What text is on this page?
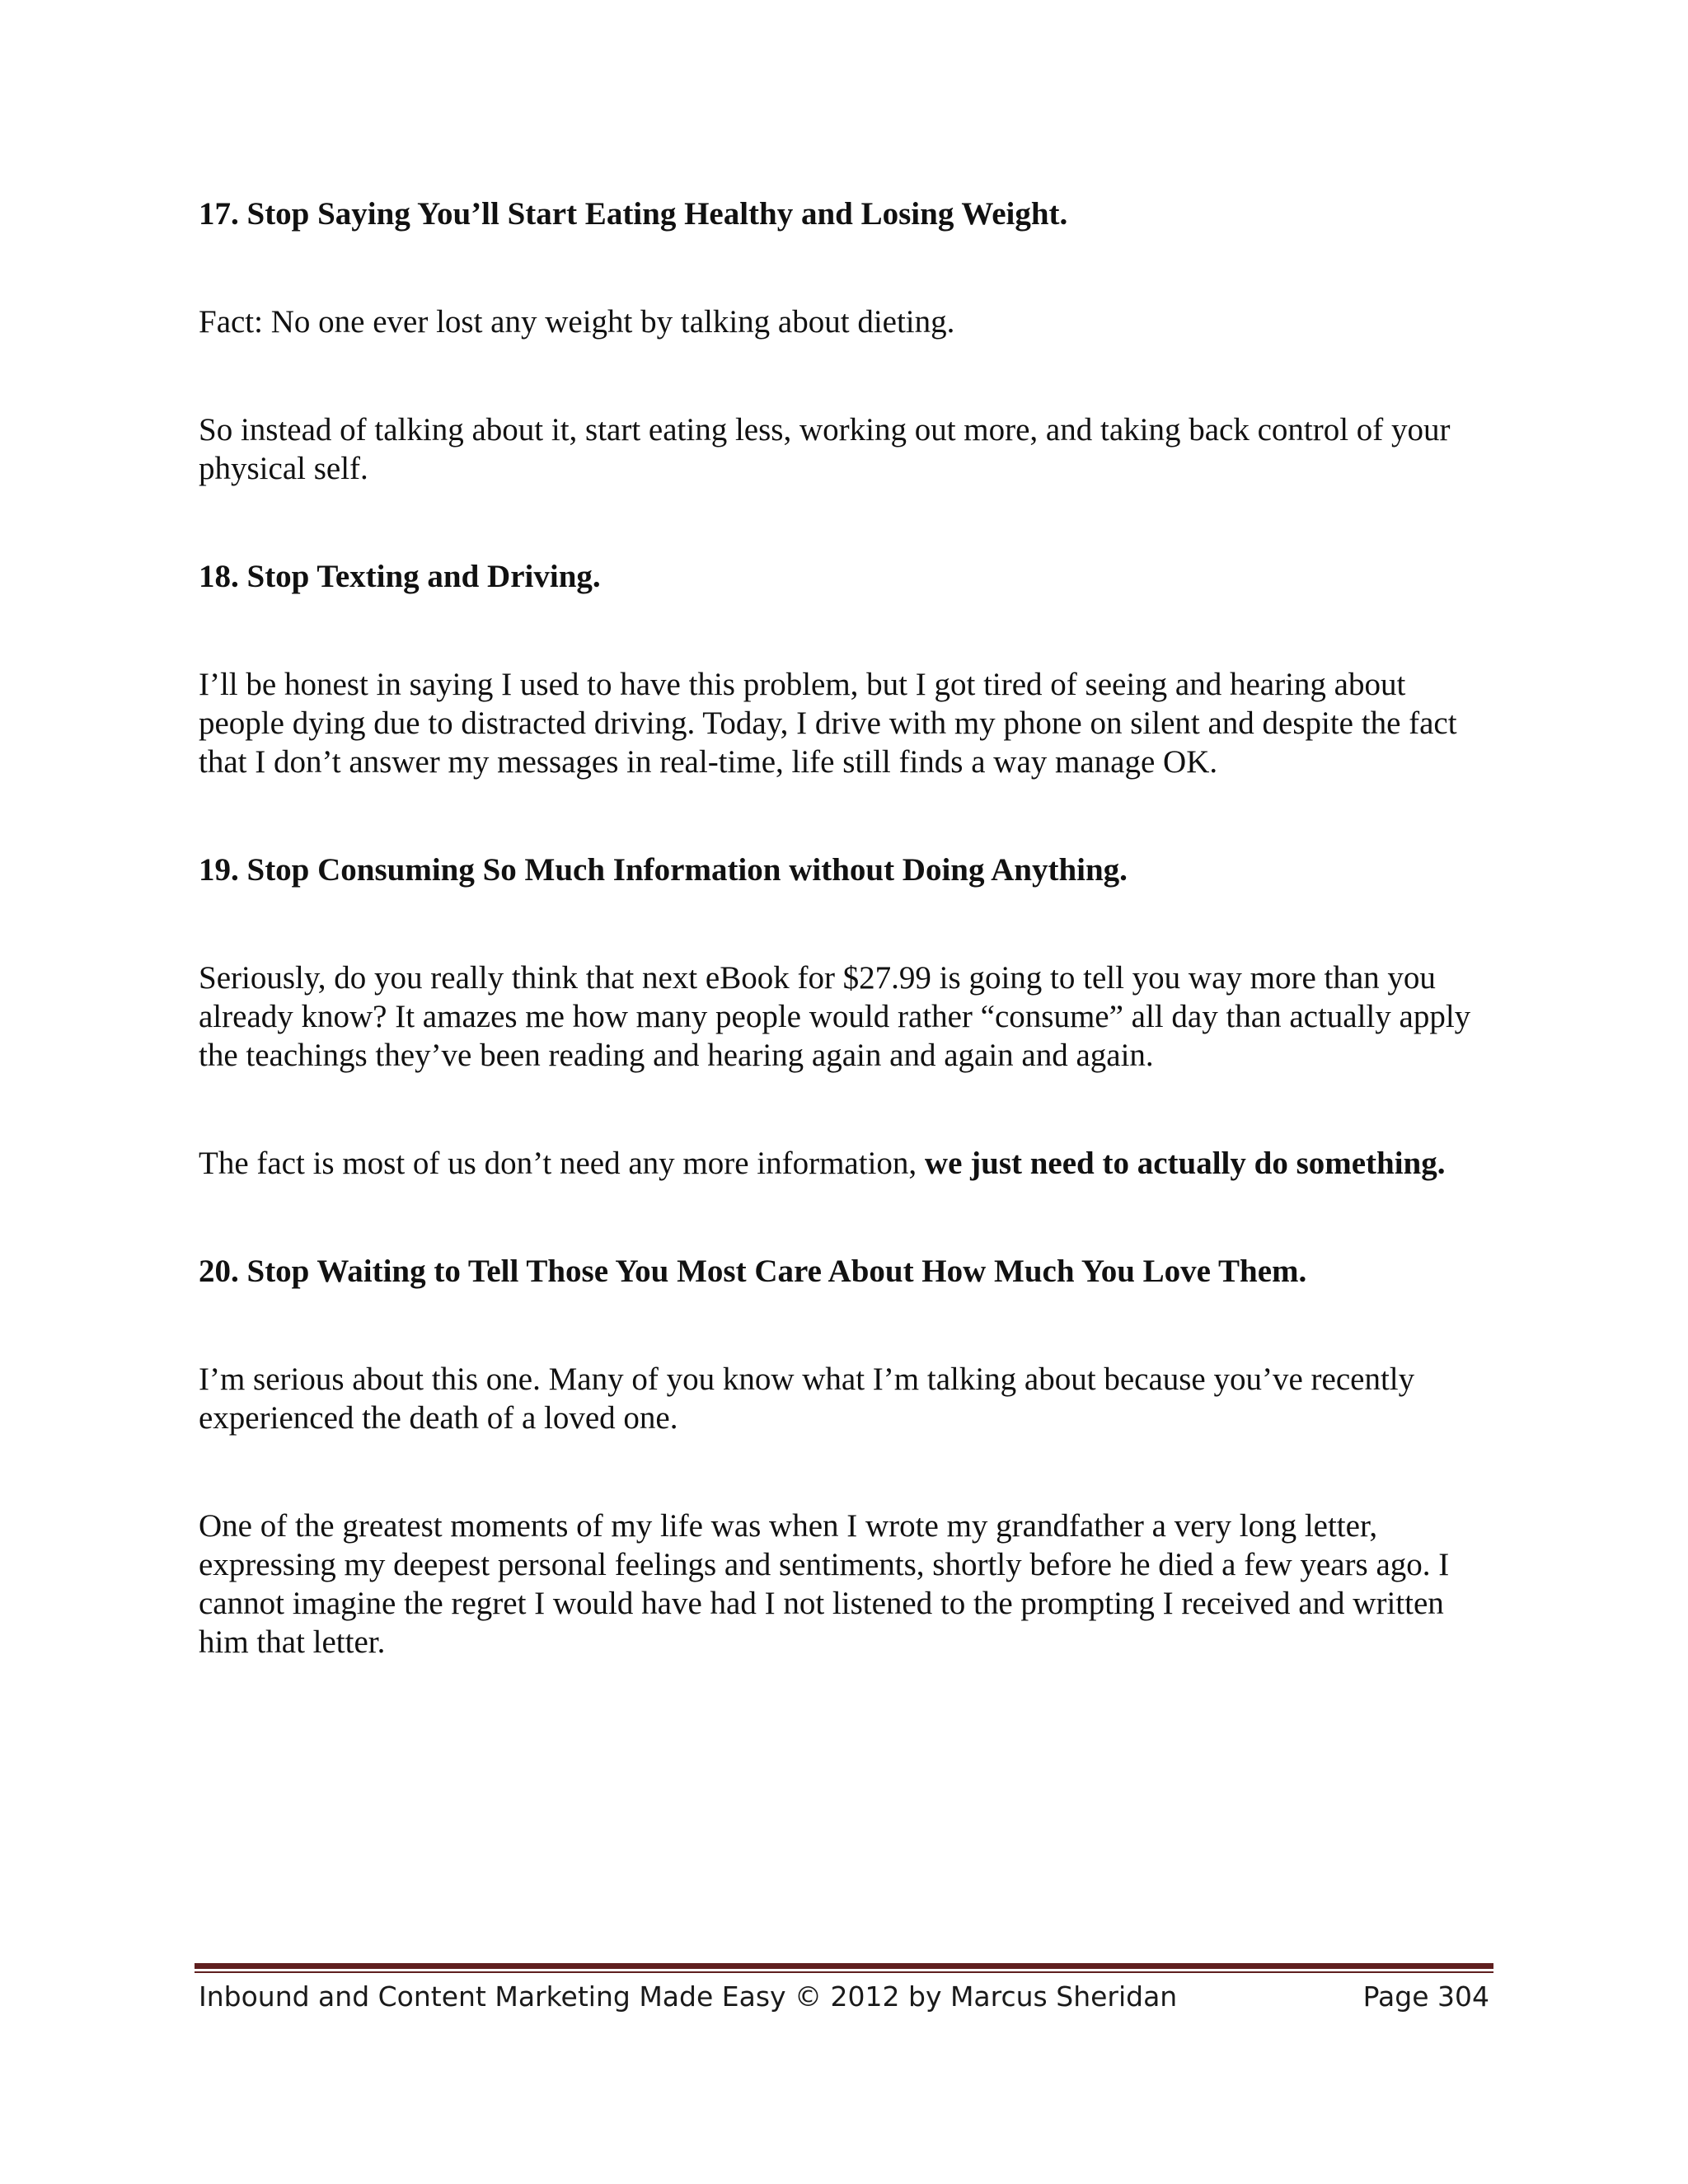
17. Stop Saying You’ll Start Eating Healthy and Losing Weight.

Fact: No one ever lost any weight by talking about dieting.

So instead of talking about it, start eating less, working out more, and taking back control of your physical self.

18. Stop Texting and Driving.

I’ll be honest in saying I used to have this problem, but I got tired of seeing and hearing about people dying due to distracted driving. Today, I drive with my phone on silent and despite the fact that I don’t answer my messages in real-time, life still finds a way manage OK.

19. Stop Consuming So Much Information without Doing Anything.

Seriously, do you really think that next eBook for $27.99 is going to tell you way more than you already know? It amazes me how many people would rather “consume” all day than actually apply the teachings they’ve been reading and hearing again and again and again.

The fact is most of us don’t need any more information, we just need to actually do something.

20. Stop Waiting to Tell Those You Most Care About How Much You Love Them.

I’m serious about this one. Many of you know what I’m talking about because you’ve recently experienced the death of a loved one.

One of the greatest moments of my life was when I wrote my grandfather a very long letter, expressing my deepest personal feelings and sentiments, shortly before he died a few years ago. I cannot imagine the regret I would have had I not listened to the prompting I received and written him that letter.

Inbound and Content Marketing Made Easy © 2012 by Marcus Sheridan	Page 304
